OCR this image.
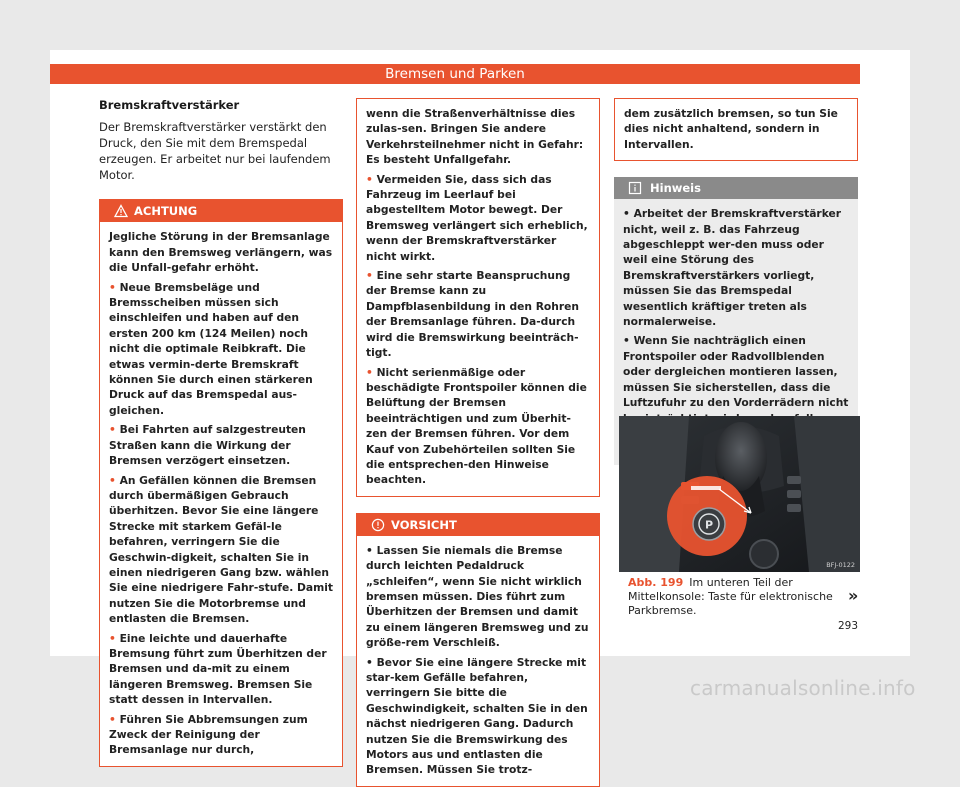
Bremsen und Parken
Bremskraftverstärker
Der Bremskraftverstärker verstärkt den Druck, den Sie mit dem Bremspedal erzeugen. Er arbeitet nur bei laufendem Motor.
ACHTUNG

Jegliche Störung in der Bremsanlage kann den Bremsweg verlängern, was die Unfall-gefahr erhöht.

• Neue Bremsbeläge und Bremsscheiben müssen sich einschleifen und haben auf den ersten 200 km (124 Meilen) noch nicht die optimale Reibkraft. Die etwas vermin-derte Bremskraft können Sie durch einen stärkeren Druck auf das Bremspedal aus-gleichen.

• Bei Fahrten auf salzgestreuten Straßen kann die Wirkung der Bremsen verzögert einsetzen.

• An Gefällen können die Bremsen durch übermäßigen Gebrauch überhitzen. Bevor Sie eine längere Strecke mit starkem Gefäl-le befahren, verringern Sie die Geschwin-digkeit, schalten Sie in einen niedrigeren Gang bzw. wählen Sie eine niedrigere Fahr-stufe. Damit nutzen Sie die Motorbremse und entlasten die Bremsen.

• Eine leichte und dauerhafte Bremsung führt zum Überhitzen der Bremsen und da-mit zu einem längeren Bremsweg. Bremsen Sie statt dessen in Intervallen.

• Führen Sie Abbremsungen zum Zweck der Reinigung der Bremsanlage nur durch,

wenn die Straßenverhältnisse dies zulas-sen. Bringen Sie andere Verkehrsteilnehmer nicht in Gefahr: Es besteht Unfallgefahr.

• Vermeiden Sie, dass sich das Fahrzeug im Leerlauf bei abgestelltem Motor bewegt. Der Bremsweg verlängert sich erheblich, wenn der Bremskraftverstärker nicht wirkt.

• Eine sehr starte Beanspruchung der Bremse kann zu Dampfblasenbildung in den Rohren der Bremsanlage führen. Da-durch wird die Bremswirkung beeinträch-tigt.

• Nicht serienmäßige oder beschädigte Frontspoiler können die Belüftung der Bremsen beeinträchtigen und zum Überhit-zen der Bremsen führen. Vor dem Kauf von Zubehörteilen sollten Sie die entsprechen-den Hinweise beachten.

VORSICHT

• Lassen Sie niemals die Bremse durch leichten Pedaldruck „schleifen“, wenn Sie nicht wirklich bremsen müssen. Dies führt zum Überhitzen der Bremsen und damit zu einem längeren Bremsweg und zu größe-rem Verschleiß.

• Bevor Sie eine längere Strecke mit star-kem Gefälle befahren, verringern Sie bitte die Geschwindigkeit, schalten Sie in den nächst niedrigeren Gang. Dadurch nutzen Sie die Bremswirkung des Motors aus und entlasten die Bremsen. Müssen Sie trotz-

dem zusätzlich bremsen, so tun Sie dies nicht anhaltend, sondern in Intervallen.

Hinweis

• Arbeitet der Bremskraftverstärker nicht, weil z. B. das Fahrzeug abgeschleppt wer-den muss oder weil eine Störung des Bremskraftverstärkers vorliegt, müssen Sie das Bremspedal wesentlich kräftiger treten als normalerweise.

• Wenn Sie nachträglich einen Frontspoiler oder Radvollblenden oder dergleichen montieren lassen, müssen Sie sicherstellen, dass die Luftzufuhr zu den Vorderrädern nicht

P
BFJ-0122
Abb. 199 Im unteren Teil der Mittelkonsole: Taste für elektronische Parkbremse.
»
293
carmanualsonline.info
